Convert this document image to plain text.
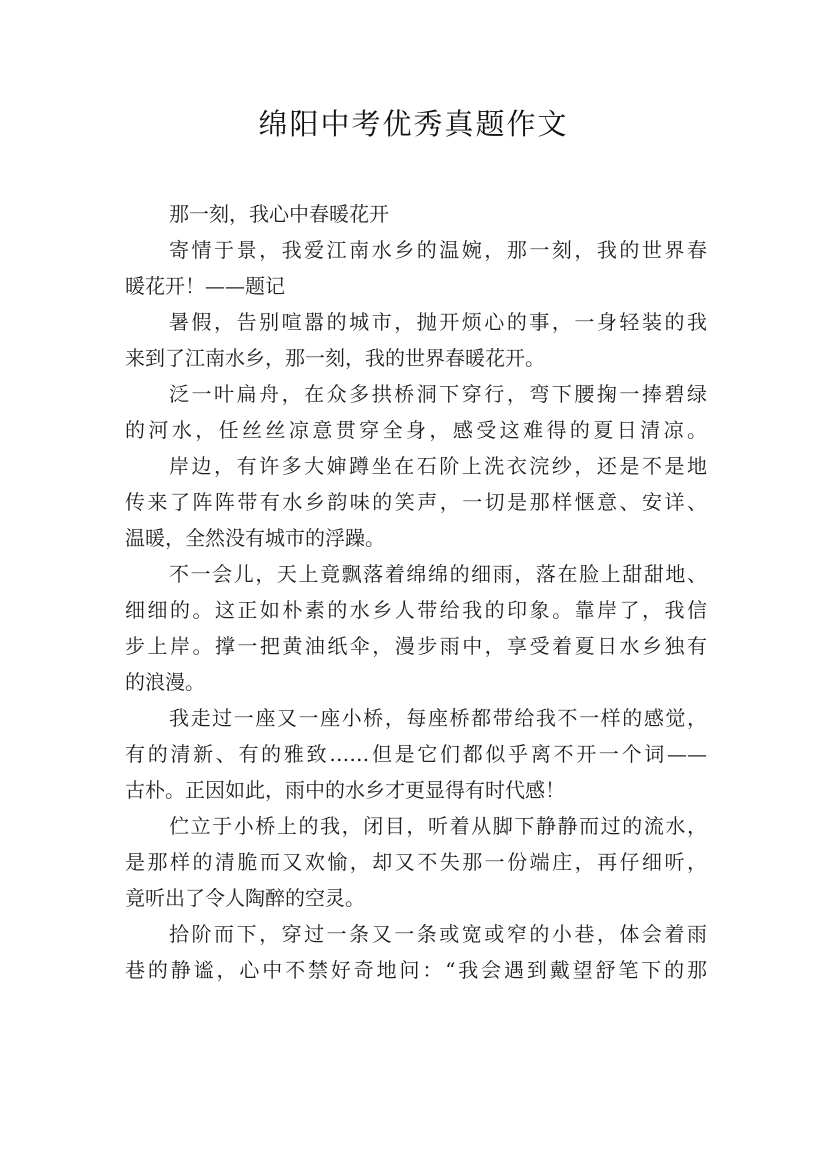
绵阳中考优秀真题作文
那一刻，我心中春暖花开
寄情于景，我爱江南水乡的温婉，那一刻，我的世界春
暖花开！——题记
暑假，告别喧嚣的城市，抛开烦心的事，一身轻装的我
来到了江南水乡，那一刻，我的世界春暖花开。
泛一叶扁舟，在众多拱桥洞下穿行，弯下腰掬一捧碧绿
的河水，任丝丝凉意贯穿全身，感受这难得的夏日清凉。
岸边，有许多大婶蹲坐在石阶上洗衣浣纱，还是不是地
传来了阵阵带有水乡韵味的笑声，一切是那样惬意、安详、
温暖，全然没有城市的浮躁。
不一会儿，天上竟飘落着绵绵的细雨，落在脸上甜甜地、
细细的。这正如朴素的水乡人带给我的印象。靠岸了，我信
步上岸。撑一把黄油纸伞，漫步雨中，享受着夏日水乡独有
的浪漫。
我走过一座又一座小桥，每座桥都带给我不一样的感觉，
有的清新、有的雅致……但是它们都似乎离不开一个词——
古朴。正因如此，雨中的水乡才更显得有时代感！
伫立于小桥上的我，闭目，听着从脚下静静而过的流水，
是那样的清脆而又欢愉，却又不失那一份端庄，再仔细听，
竟听出了令人陶醉的空灵。
拾阶而下，穿过一条又一条或宽或窄的小巷，体会着雨
巷的静谧，心中不禁好奇地问：“我会遇到戴望舒笔下的那
